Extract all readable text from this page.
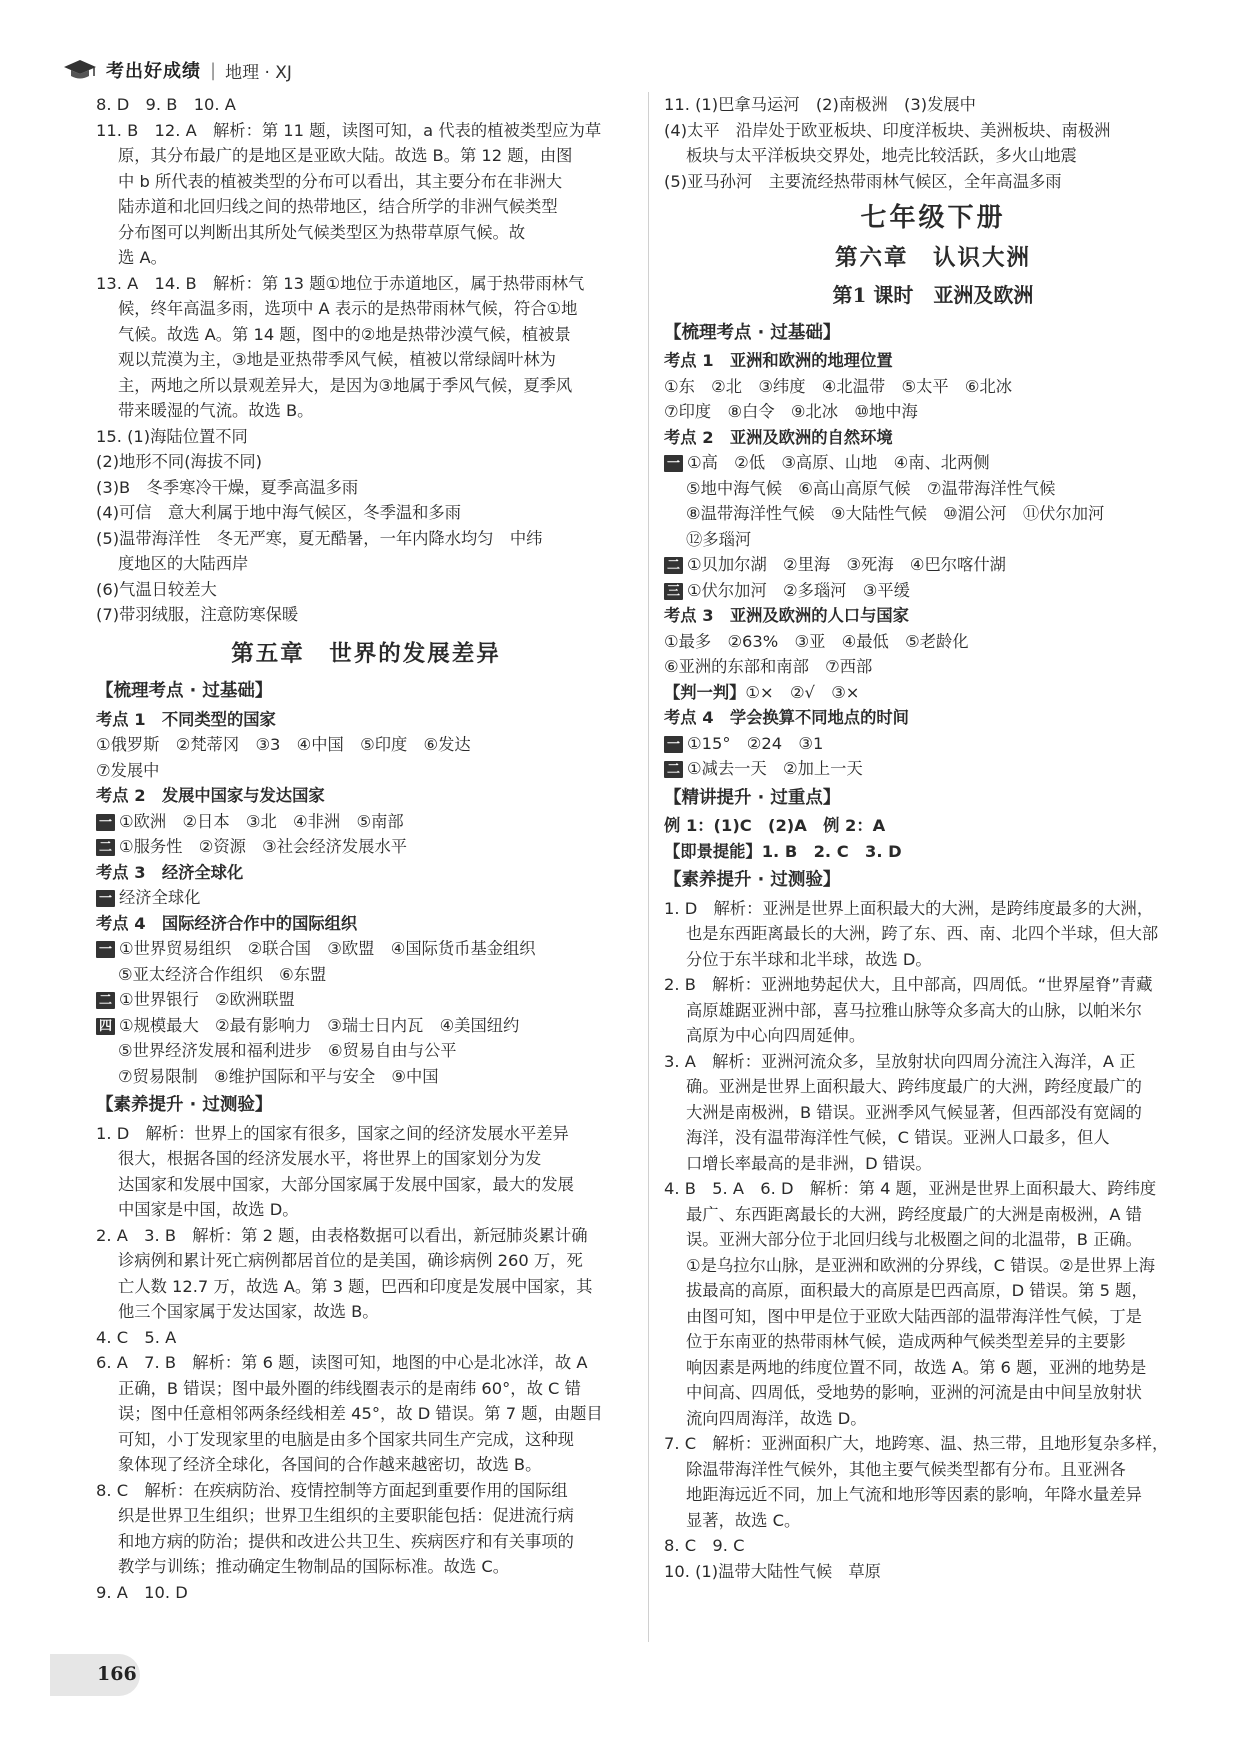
考出好成绩 | 地理 · XJ

8. D　9. B　10. A

11. B　12. A　解析：第 11 题，读图可知，a 代表的植被类型应为草

原，其分布最广的是地区是亚欧大陆。故选 B。第 12 题，由图

中 b 所代表的植被类型的分布可以看出，其主要分布在非洲大

陆赤道和北回归线之间的热带地区，结合所学的非洲气候类型

分布图可以判断出其所处气候类型区为热带草原气候。故

选 A。

13. A　14. B　解析：第 13 题①地位于赤道地区，属于热带雨林气

候，终年高温多雨，选项中 A 表示的是热带雨林气候，符合①地

气候。故选 A。第 14 题，图中的②地是热带沙漠气候，植被景

观以荒漠为主，③地是亚热带季风气候，植被以常绿阔叶林为

主，两地之所以景观差异大，是因为③地属于季风气候，夏季风

带来暖湿的气流。故选 B。

15. (1)海陆位置不同

(2)地形不同(海拔不同)

(3)B　冬季寒冷干燥，夏季高温多雨

(4)可信　意大利属于地中海气候区，冬季温和多雨

(5)温带海洋性　冬无严寒，夏无酷暑，一年内降水均匀　中纬

度地区的大陆西岸

(6)气温日较差大

(7)带羽绒服，注意防寒保暖

第五章　世界的发展差异

【梳理考点 · 过基础】

考点 1　不同类型的国家

①俄罗斯　②梵蒂冈　③3　④中国　⑤印度　⑥发达

⑦发展中

考点 2　发展中国家与发达国家

一 ①欧洲　②日本　③北　④非洲　⑤南部

二 ①服务性　②资源　③社会经济发展水平

考点 3　经济全球化

一 经济全球化

考点 4　国际经济合作中的国际组织

一 ①世界贸易组织　②联合国　③欧盟　④国际货币基金组织

⑤亚太经济合作组织　⑥东盟

二 ①世界银行　②欧洲联盟

四 ①规模最大　②最有影响力　③瑞士日内瓦　④美国纽约

⑤世界经济发展和福利进步　⑥贸易自由与公平

⑦贸易限制　⑧维护国际和平与安全　⑨中国

【素养提升 · 过测验】

1. D　解析：世界上的国家有很多，国家之间的经济发展水平差异

很大，根据各国的经济发展水平，将世界上的国家划分为发

达国家和发展中国家，大部分国家属于发展中国家，最大的发展

中国家是中国，故选 D。

2. A　3. B　解析：第 2 题，由表格数据可以看出，新冠肺炎累计确

诊病例和累计死亡病例都居首位的是美国，确诊病例 260 万，死

亡人数 12.7 万，故选 A。第 3 题，巴西和印度是发展中国家，其

他三个国家属于发达国家，故选 B。

4. C　5. A

6. A　7. B　解析：第 6 题，读图可知，地图的中心是北冰洋，故 A

正确，B 错误；图中最外圈的纬线圈表示的是南纬 60°，故 C 错

误；图中任意相邻两条经线相差 45°，故 D 错误。第 7 题，由题目

可知，小丁发现家里的电脑是由多个国家共同生产完成，这种现

象体现了经济全球化，各国间的合作越来越密切，故选 B。

8. C　解析：在疾病防治、疫情控制等方面起到重要作用的国际组

织是世界卫生组织；世界卫生组织的主要职能包括：促进流行病

和地方病的防治；提供和改进公共卫生、疾病医疗和有关事项的

教学与训练；推动确定生物制品的国际标准。故选 C。

9. A　10. D

11. (1)巴拿马运河　(2)南极洲　(3)发展中

(4)太平　沿岸处于欧亚板块、印度洋板块、美洲板块、南极洲

板块与太平洋板块交界处，地壳比较活跃，多火山地震

(5)亚马孙河　主要流经热带雨林气候区，全年高温多雨

七年级下册
第六章　认识大洲
第1 课时　亚洲及欧洲

【梳理考点 · 过基础】

考点 1　亚洲和欧洲的地理位置

①东　②北　③纬度　④北温带　⑤太平　⑥北冰

⑦印度　⑧白令　⑨北冰　⑩地中海

考点 2　亚洲及欧洲的自然环境

一 ①高　②低　③高原、山地　④南、北两侧

⑤地中海气候　⑥高山高原气候　⑦温带海洋性气候

⑧温带海洋性气候　⑨大陆性气候　⑩湄公河　⑪伏尔加河

⑫多瑙河

二 ①贝加尔湖　②里海　③死海　④巴尔喀什湖

三 ①伏尔加河　②多瑙河　③平缓

考点 3　亚洲及欧洲的人口与国家

①最多　②63%　③亚　④最低　⑤老龄化

⑥亚洲的东部和南部　⑦西部

【判一判】①×　②√　③×

考点 4　学会换算不同地点的时间

一 ①15°　②24　③1

二 ①减去一天　②加上一天

【精讲提升 · 过重点】

例 1：(1)C　(2)A　例 2：A

【即景提能】1. B　2. C　3. D

【素养提升 · 过测验】

1. D　解析：亚洲是世界上面积最大的大洲，是跨纬度最多的大洲，

也是东西距离最长的大洲，跨了东、西、南、北四个半球，但大部

分位于东半球和北半球，故选 D。

2. B　解析：亚洲地势起伏大，且中部高，四周低。“世界屋脊”青藏

高原雄踞亚洲中部，喜马拉雅山脉等众多高大的山脉，以帕米尔

高原为中心向四周延伸。

3. A　解析：亚洲河流众多，呈放射状向四周分流注入海洋，A 正

确。亚洲是世界上面积最大、跨纬度最广的大洲，跨经度最广的

大洲是南极洲，B 错误。亚洲季风气候显著，但西部没有宽阔的

海洋，没有温带海洋性气候，C 错误。亚洲人口最多，但人

口增长率最高的是非洲，D 错误。

4. B　5. A　6. D　解析：第 4 题，亚洲是世界上面积最大、跨纬度

最广、东西距离最长的大洲，跨经度最广的大洲是南极洲，A 错

误。亚洲大部分位于北回归线与北极圈之间的北温带，B 正确。

①是乌拉尔山脉，是亚洲和欧洲的分界线，C 错误。②是世界上海

拔最高的高原，面积最大的高原是巴西高原，D 错误。第 5 题，

由图可知，图中甲是位于亚欧大陆西部的温带海洋性气候，丁是

位于东南亚的热带雨林气候，造成两种气候类型差异的主要影

响因素是两地的纬度位置不同，故选 A。第 6 题，亚洲的地势是

中间高、四周低，受地势的影响，亚洲的河流是由中间呈放射状

流向四周海洋，故选 D。

7. C　解析：亚洲面积广大，地跨寒、温、热三带，且地形复杂多样，

除温带海洋性气候外，其他主要气候类型都有分布。且亚洲各

地距海远近不同，加上气流和地形等因素的影响，年降水量差异

显著，故选 C。

8. C　9. C

10. (1)温带大陆性气候　草原

166
